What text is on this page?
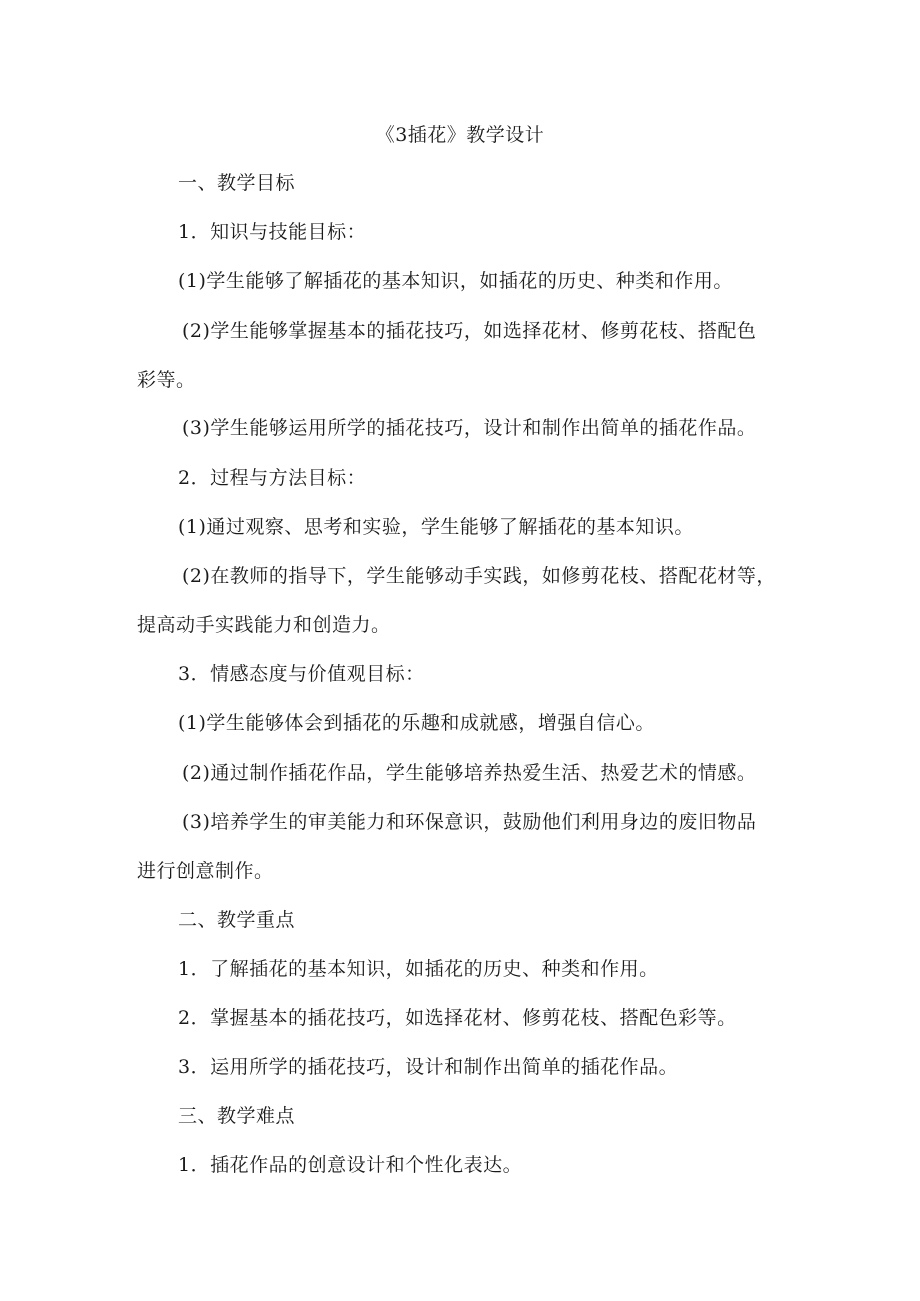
《3插花》教学设计
一、教学目标
1．知识与技能目标：
(1)学生能够了解插花的基本知识，如插花的历史、种类和作用。
(2)学生能够掌握基本的插花技巧，如选择花材、修剪花枝、搭配色
彩等。
(3)学生能够运用所学的插花技巧，设计和制作出简单的插花作品。
2．过程与方法目标：
(1)通过观察、思考和实验，学生能够了解插花的基本知识。
(2)在教师的指导下，学生能够动手实践，如修剪花枝、搭配花材等，
提高动手实践能力和创造力。
3．情感态度与价值观目标：
(1)学生能够体会到插花的乐趣和成就感，增强自信心。
(2)通过制作插花作品，学生能够培养热爱生活、热爱艺术的情感。
(3)培养学生的审美能力和环保意识，鼓励他们利用身边的废旧物品
进行创意制作。
二、教学重点
1．了解插花的基本知识，如插花的历史、种类和作用。
2．掌握基本的插花技巧，如选择花材、修剪花枝、搭配色彩等。
3．运用所学的插花技巧，设计和制作出简单的插花作品。
三、教学难点
1．插花作品的创意设计和个性化表达。
